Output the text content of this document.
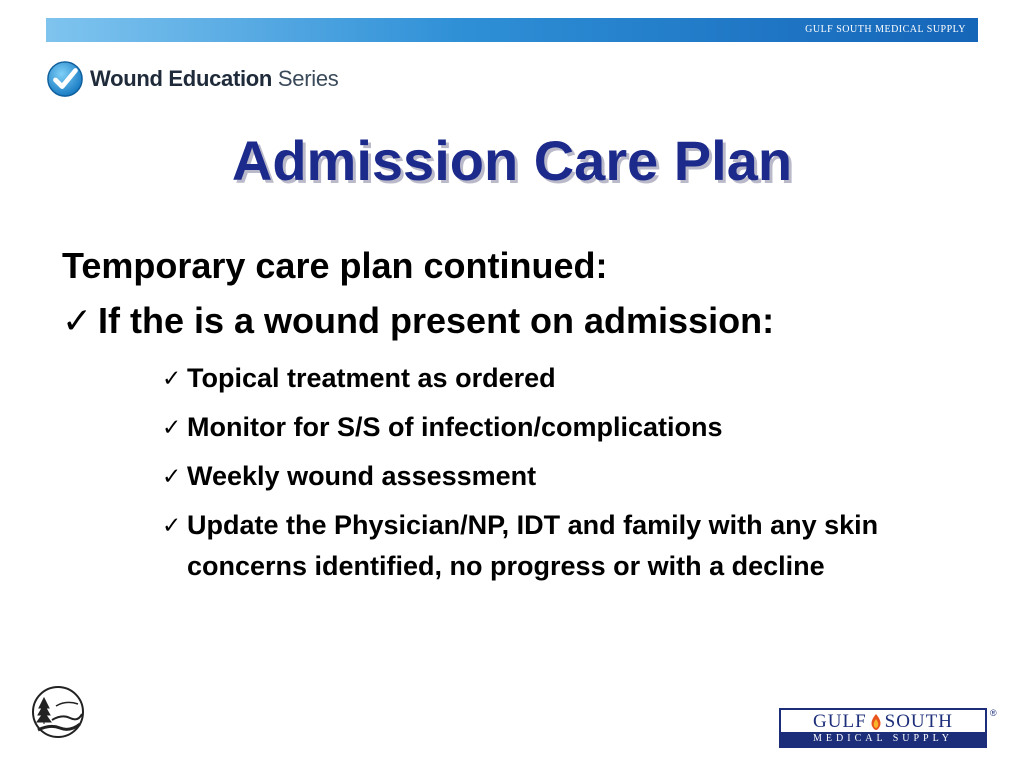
GULF SOUTH MEDICAL SUPPLY
Wound Education Series
Admission Care Plan
Temporary care plan continued:
✓ If the is a wound present on admission:
✓ Topical treatment as ordered
✓ Monitor for S/S of infection/complications
✓ Weekly wound assessment
✓ Update the Physician/NP, IDT and family with any skin concerns identified, no progress or with a decline
GULF SOUTH
MEDICAL SUPPLY
®
